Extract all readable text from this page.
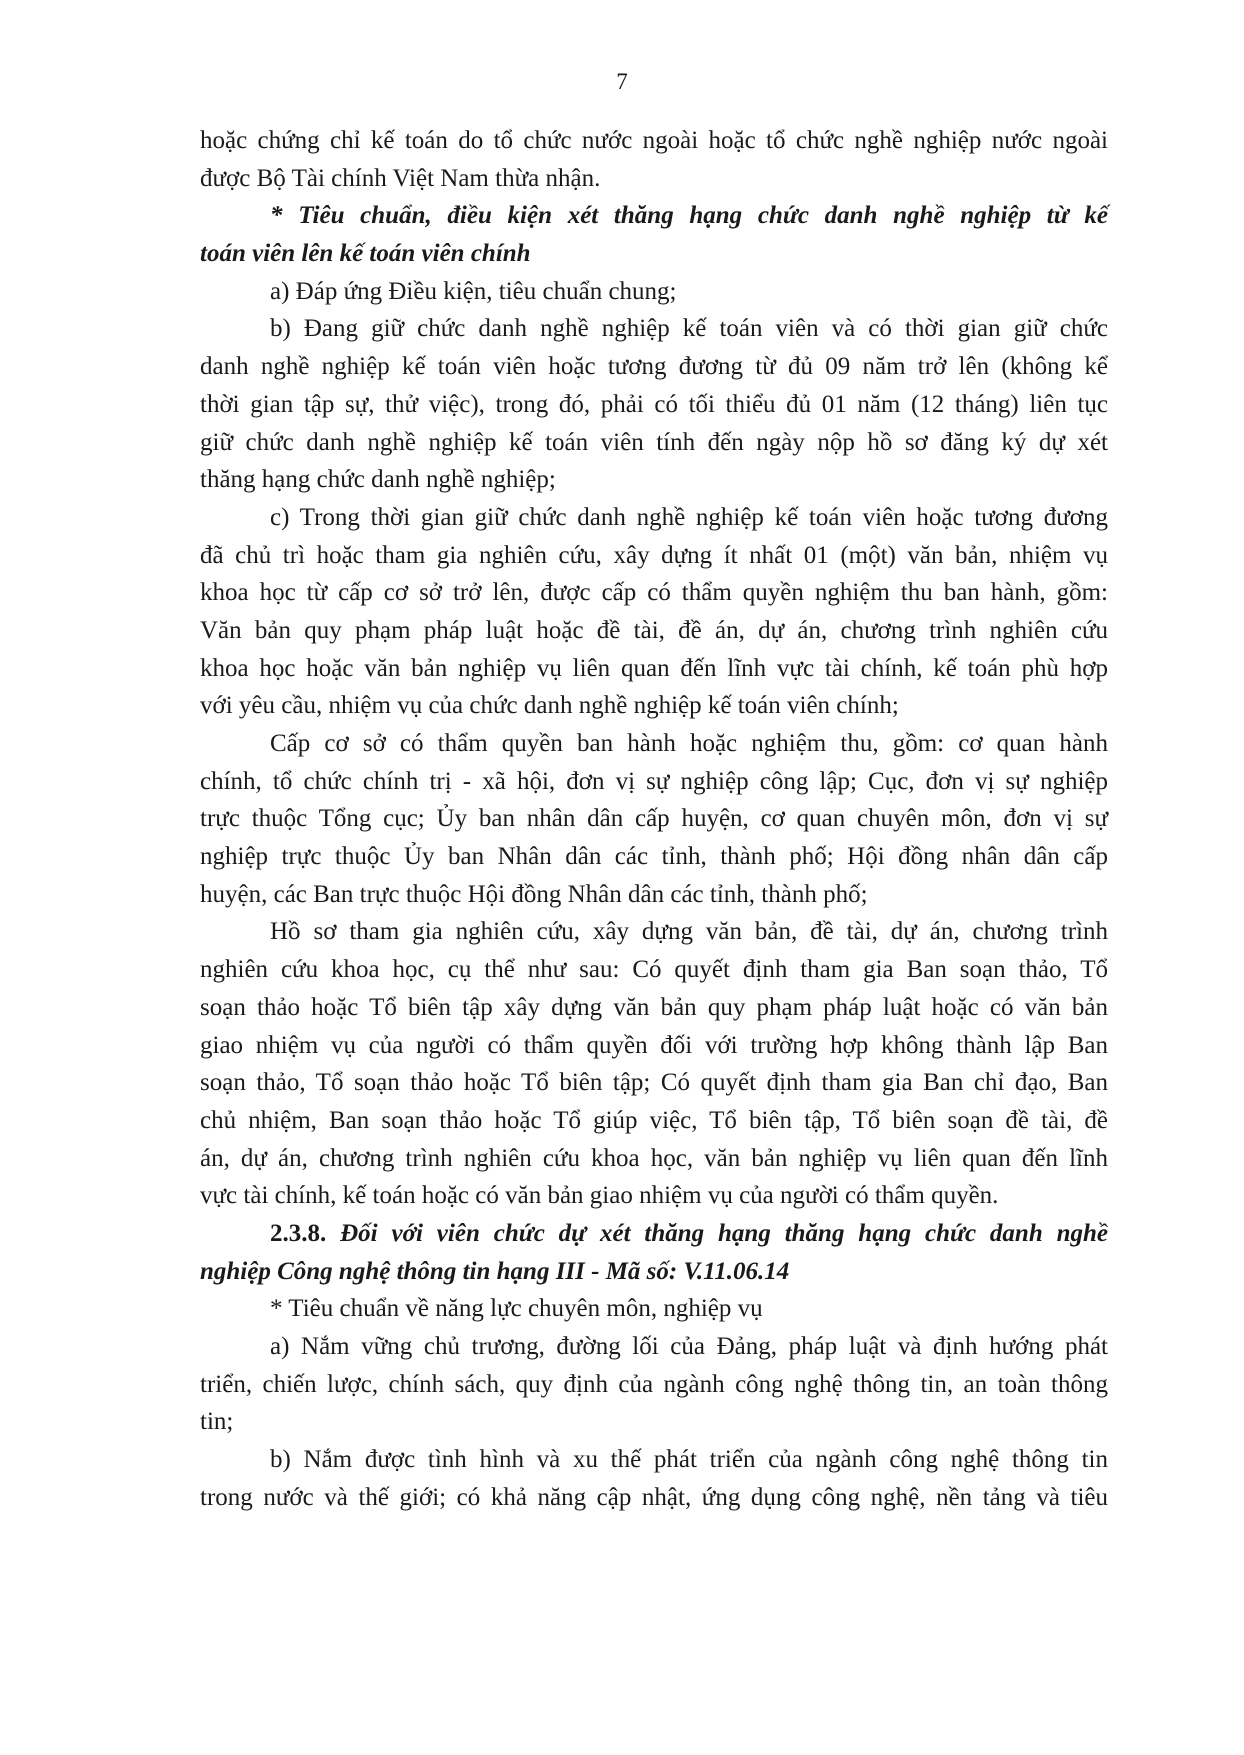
7
hoặc chứng chỉ kế toán do tổ chức nước ngoài hoặc tổ chức nghề nghiệp nước ngoài
được Bộ Tài chính Việt Nam thừa nhận.
* Tiêu chuẩn, điều kiện xét thăng hạng chức danh nghề nghiệp từ kế
toán viên lên kế toán viên chính
a) Đáp ứng Điều kiện, tiêu chuẩn chung;
b) Đang giữ chức danh nghề nghiệp kế toán viên và có thời gian giữ chức
danh nghề nghiệp kế toán viên hoặc tương đương từ đủ 09 năm trở lên (không kể
thời gian tập sự, thử việc), trong đó, phải có tối thiểu đủ 01 năm (12 tháng) liên tục
giữ chức danh nghề nghiệp kế toán viên tính đến ngày nộp hồ sơ đăng ký dự xét
thăng hạng chức danh nghề nghiệp;
c) Trong thời gian giữ chức danh nghề nghiệp kế toán viên hoặc tương đương
đã chủ trì hoặc tham gia nghiên cứu, xây dựng ít nhất 01 (một) văn bản, nhiệm vụ
khoa học từ cấp cơ sở trở lên, được cấp có thẩm quyền nghiệm thu ban hành, gồm:
Văn bản quy phạm pháp luật hoặc đề tài, đề án, dự án, chương trình nghiên cứu
khoa học hoặc văn bản nghiệp vụ liên quan đến lĩnh vực tài chính, kế toán phù hợp
với yêu cầu, nhiệm vụ của chức danh nghề nghiệp kế toán viên chính;
Cấp cơ sở có thẩm quyền ban hành hoặc nghiệm thu, gồm: cơ quan hành
chính, tổ chức chính trị - xã hội, đơn vị sự nghiệp công lập; Cục, đơn vị sự nghiệp
trực thuộc Tổng cục; Ủy ban nhân dân cấp huyện, cơ quan chuyên môn, đơn vị sự
nghiệp trực thuộc Ủy ban Nhân dân các tỉnh, thành phố; Hội đồng nhân dân cấp
huyện, các Ban trực thuộc Hội đồng Nhân dân các tỉnh, thành phố;
Hồ sơ tham gia nghiên cứu, xây dựng văn bản, đề tài, dự án, chương trình
nghiên cứu khoa học, cụ thể như sau: Có quyết định tham gia Ban soạn thảo, Tổ
soạn thảo hoặc Tổ biên tập xây dựng văn bản quy phạm pháp luật hoặc có văn bản
giao nhiệm vụ của người có thẩm quyền đối với trường hợp không thành lập Ban
soạn thảo, Tổ soạn thảo hoặc Tổ biên tập; Có quyết định tham gia Ban chỉ đạo, Ban
chủ nhiệm, Ban soạn thảo hoặc Tổ giúp việc, Tổ biên tập, Tổ biên soạn đề tài, đề
án, dự án, chương trình nghiên cứu khoa học, văn bản nghiệp vụ liên quan đến lĩnh
vực tài chính, kế toán hoặc có văn bản giao nhiệm vụ của người có thẩm quyền.
2.3.8. Đối với viên chức dự xét thăng hạng thăng hạng chức danh nghề
nghiệp Công nghệ thông tin hạng III - Mã số: V.11.06.14
* Tiêu chuẩn về năng lực chuyên môn, nghiệp vụ
a) Nắm vững chủ trương, đường lối của Đảng, pháp luật và định hướng phát
triển, chiến lược, chính sách, quy định của ngành công nghệ thông tin, an toàn thông
tin;
b) Nắm được tình hình và xu thế phát triển của ngành công nghệ thông tin
trong nước và thế giới; có khả năng cập nhật, ứng dụng công nghệ, nền tảng và tiêu
